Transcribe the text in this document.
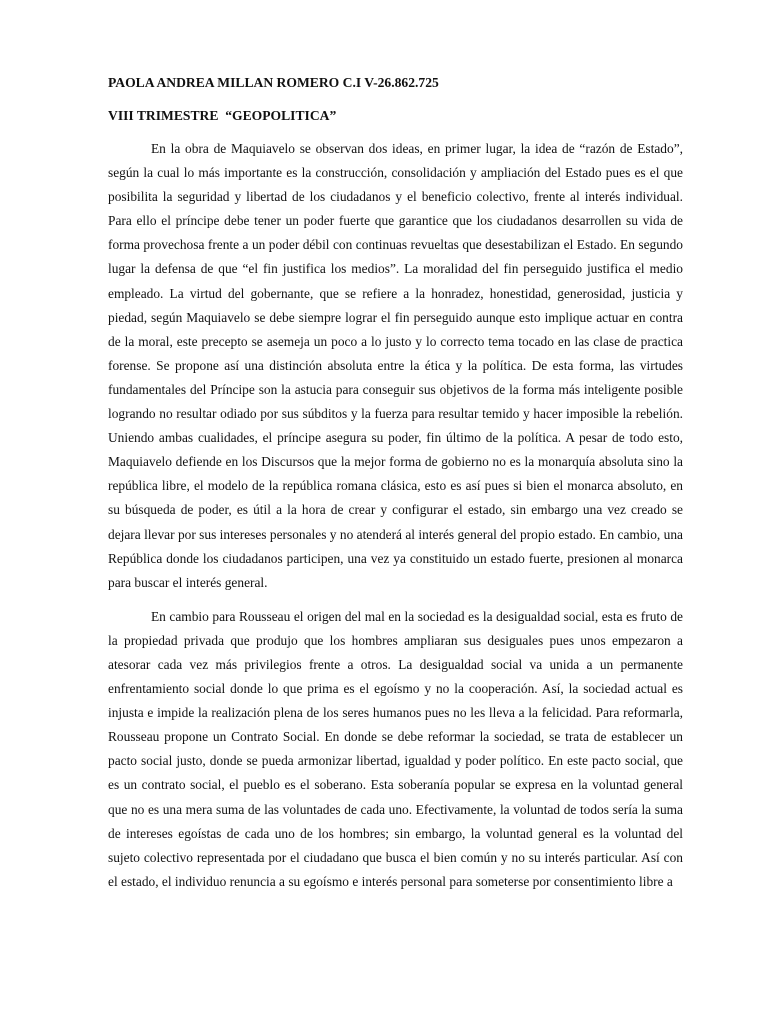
PAOLA ANDREA MILLAN ROMERO C.I V-26.862.725
VIII TRIMESTRE  “GEOPOLITICA”

En la obra de Maquiavelo se observan dos ideas, en primer lugar, la idea de “razón de Estado”, según la cual lo más importante es la construcción, consolidación y ampliación del Estado pues es el que posibilita la seguridad y libertad de los ciudadanos y el beneficio colectivo, frente al interés individual. Para ello el príncipe debe tener un poder fuerte que garantice que los ciudadanos desarrollen su vida de forma provechosa frente a un poder débil con continuas revueltas que desestabilizan el Estado. En segundo lugar la defensa de que “el fin justifica los medios”. La moralidad del fin perseguido justifica el medio empleado. La virtud del gobernante, que se refiere a la honradez, honestidad, generosidad, justicia y piedad, según Maquiavelo se debe siempre lograr el fin perseguido aunque esto implique actuar en contra de la moral, este precepto se asemeja un poco a lo justo y lo correcto tema tocado en las clase de practica forense. Se propone así una distinción absoluta entre la ética y la política. De esta forma, las virtudes fundamentales del Príncipe son la astucia para conseguir sus objetivos de la forma más inteligente posible logrando no resultar odiado por sus súbditos y la fuerza para resultar temido y hacer imposible la rebelión. Uniendo ambas cualidades, el príncipe asegura su poder, fin último de la política. A pesar de todo esto, Maquiavelo defiende en los Discursos que la mejor forma de gobierno no es la monarquía absoluta sino la república libre, el modelo de la república romana clásica, esto es así pues si bien el monarca absoluto, en su búsqueda de poder, es útil a la hora de crear y configurar el estado, sin embargo una vez creado se dejara llevar por sus intereses personales y no atenderá al interés general del propio estado. En cambio, una República donde los ciudadanos participen, una vez ya constituido un estado fuerte, presionen al monarca para buscar el interés general.

En cambio para Rousseau el origen del mal en la sociedad es la desigualdad social, esta es fruto de la propiedad privada que produjo que los hombres ampliaran sus desiguales pues unos empezaron a atesorar cada vez más privilegios frente a otros. La desigualdad social va unida a un permanente enfrentamiento social donde lo que prima es el egoísmo y no la cooperación. Así, la sociedad actual es injusta e impide la realización plena de los seres humanos pues no les lleva a la felicidad. Para reformarla, Rousseau propone un Contrato Social. En donde se debe reformar la sociedad, se trata de establecer un pacto social justo, donde se pueda armonizar libertad, igualdad y poder político. En este pacto social, que es un contrato social, el pueblo es el soberano. Esta soberanía popular se expresa en la voluntad general que no es una mera suma de las voluntades de cada uno. Efectivamente, la voluntad de todos sería la suma de intereses egoístas de cada uno de los hombres; sin embargo, la voluntad general es la voluntad del sujeto colectivo representada por el ciudadano que busca el bien común y no su interés particular. Así con el estado, el individuo renuncia a su egoísmo e interés personal para someterse por consentimiento libre a
